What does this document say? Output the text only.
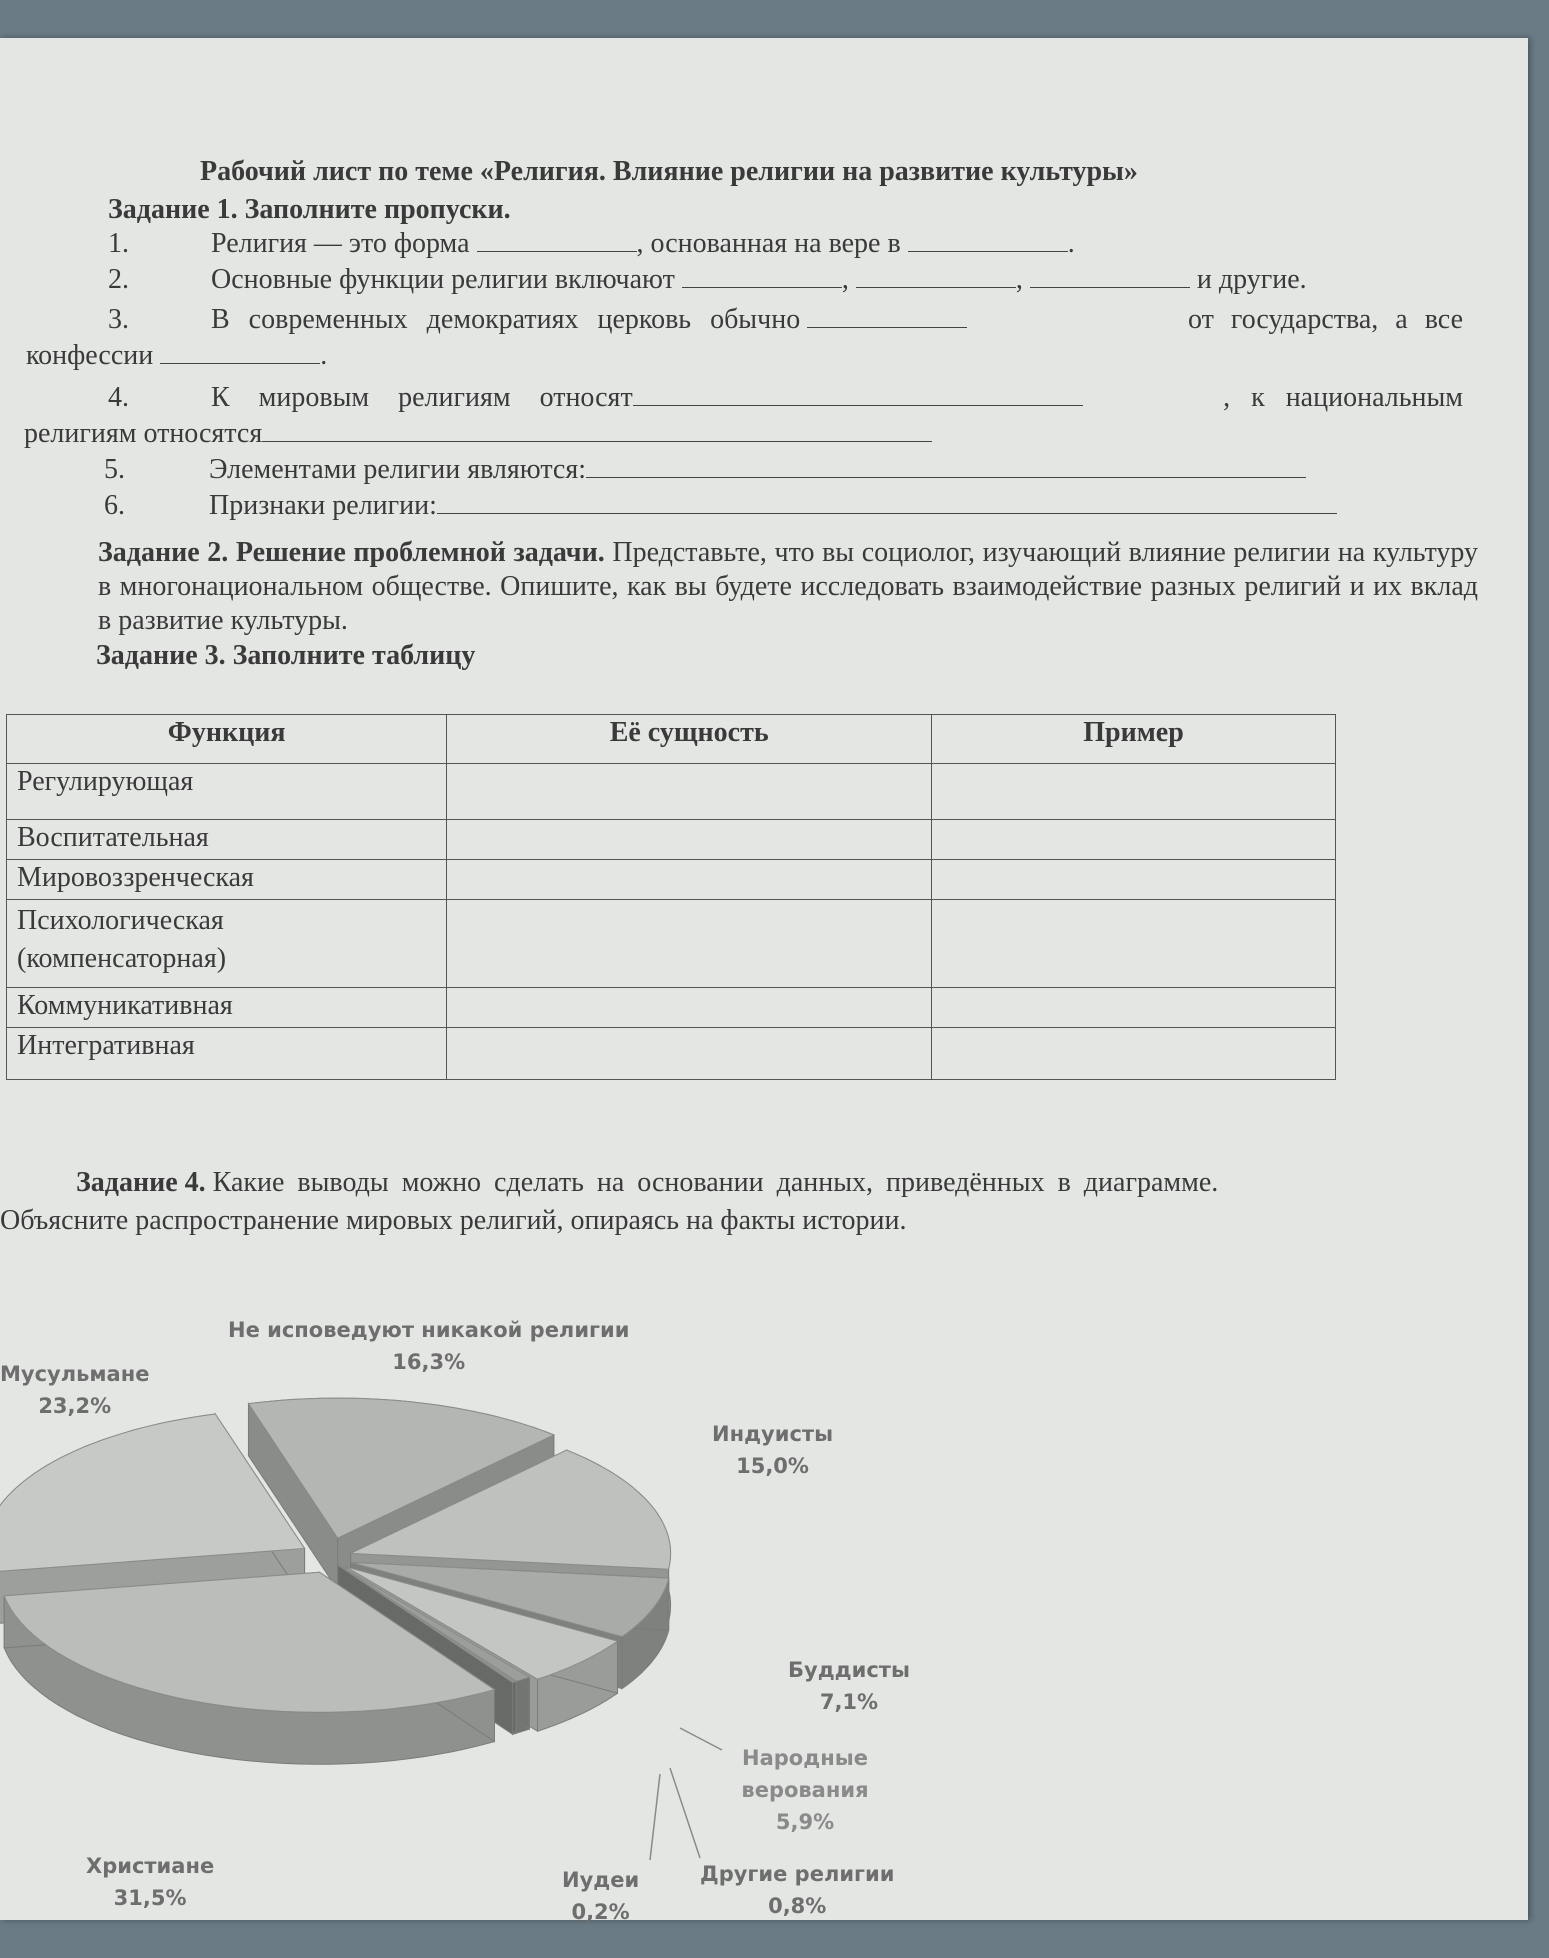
Рабочий лист по теме «Религия. Влияние религии на развитие культуры»
Задание 1. Заполните пропуски.
1.	Религия — это форма	, основанная на вере в	.
2.	Основные функции религии включают	,	,	и другие.
3.	В современных демократиях церковь обычно	от государства, а все
конфессии	.
4.	К мировым религиям относят	, к национальным
религиям относятся
5.	Элементами религии являются:
6.	Признаки религии:
Задание 2. Решение проблемной задачи. Представьте, что вы социолог, изучающий влияние религии на культуру в многонациональном обществе. Опишите, как вы будете исследовать взаимодействие разных религий и их вклад в развитие культуры.
Задание 3. Заполните таблицу
Функция	Её сущность	Пример
Регулирующая		
Воспитательная		
Мировоззренческая		
Психологическая (компенсаторная)		
Коммуникативная		
Интегративная		

Задание 4. Какие выводы можно сделать на основании данных, приведённых в диаграмме.

Объясните распространение мировых религий, опираясь на факты истории.

Не исповедуют никакой религии
16,3%
Мусульмане
23,2%
Индуисты
15,0%
Буддисты
7,1%
Народные верования
5,9%
Другие религии
0,8%
Иудеи
0,2%
Христиане
31,5%
